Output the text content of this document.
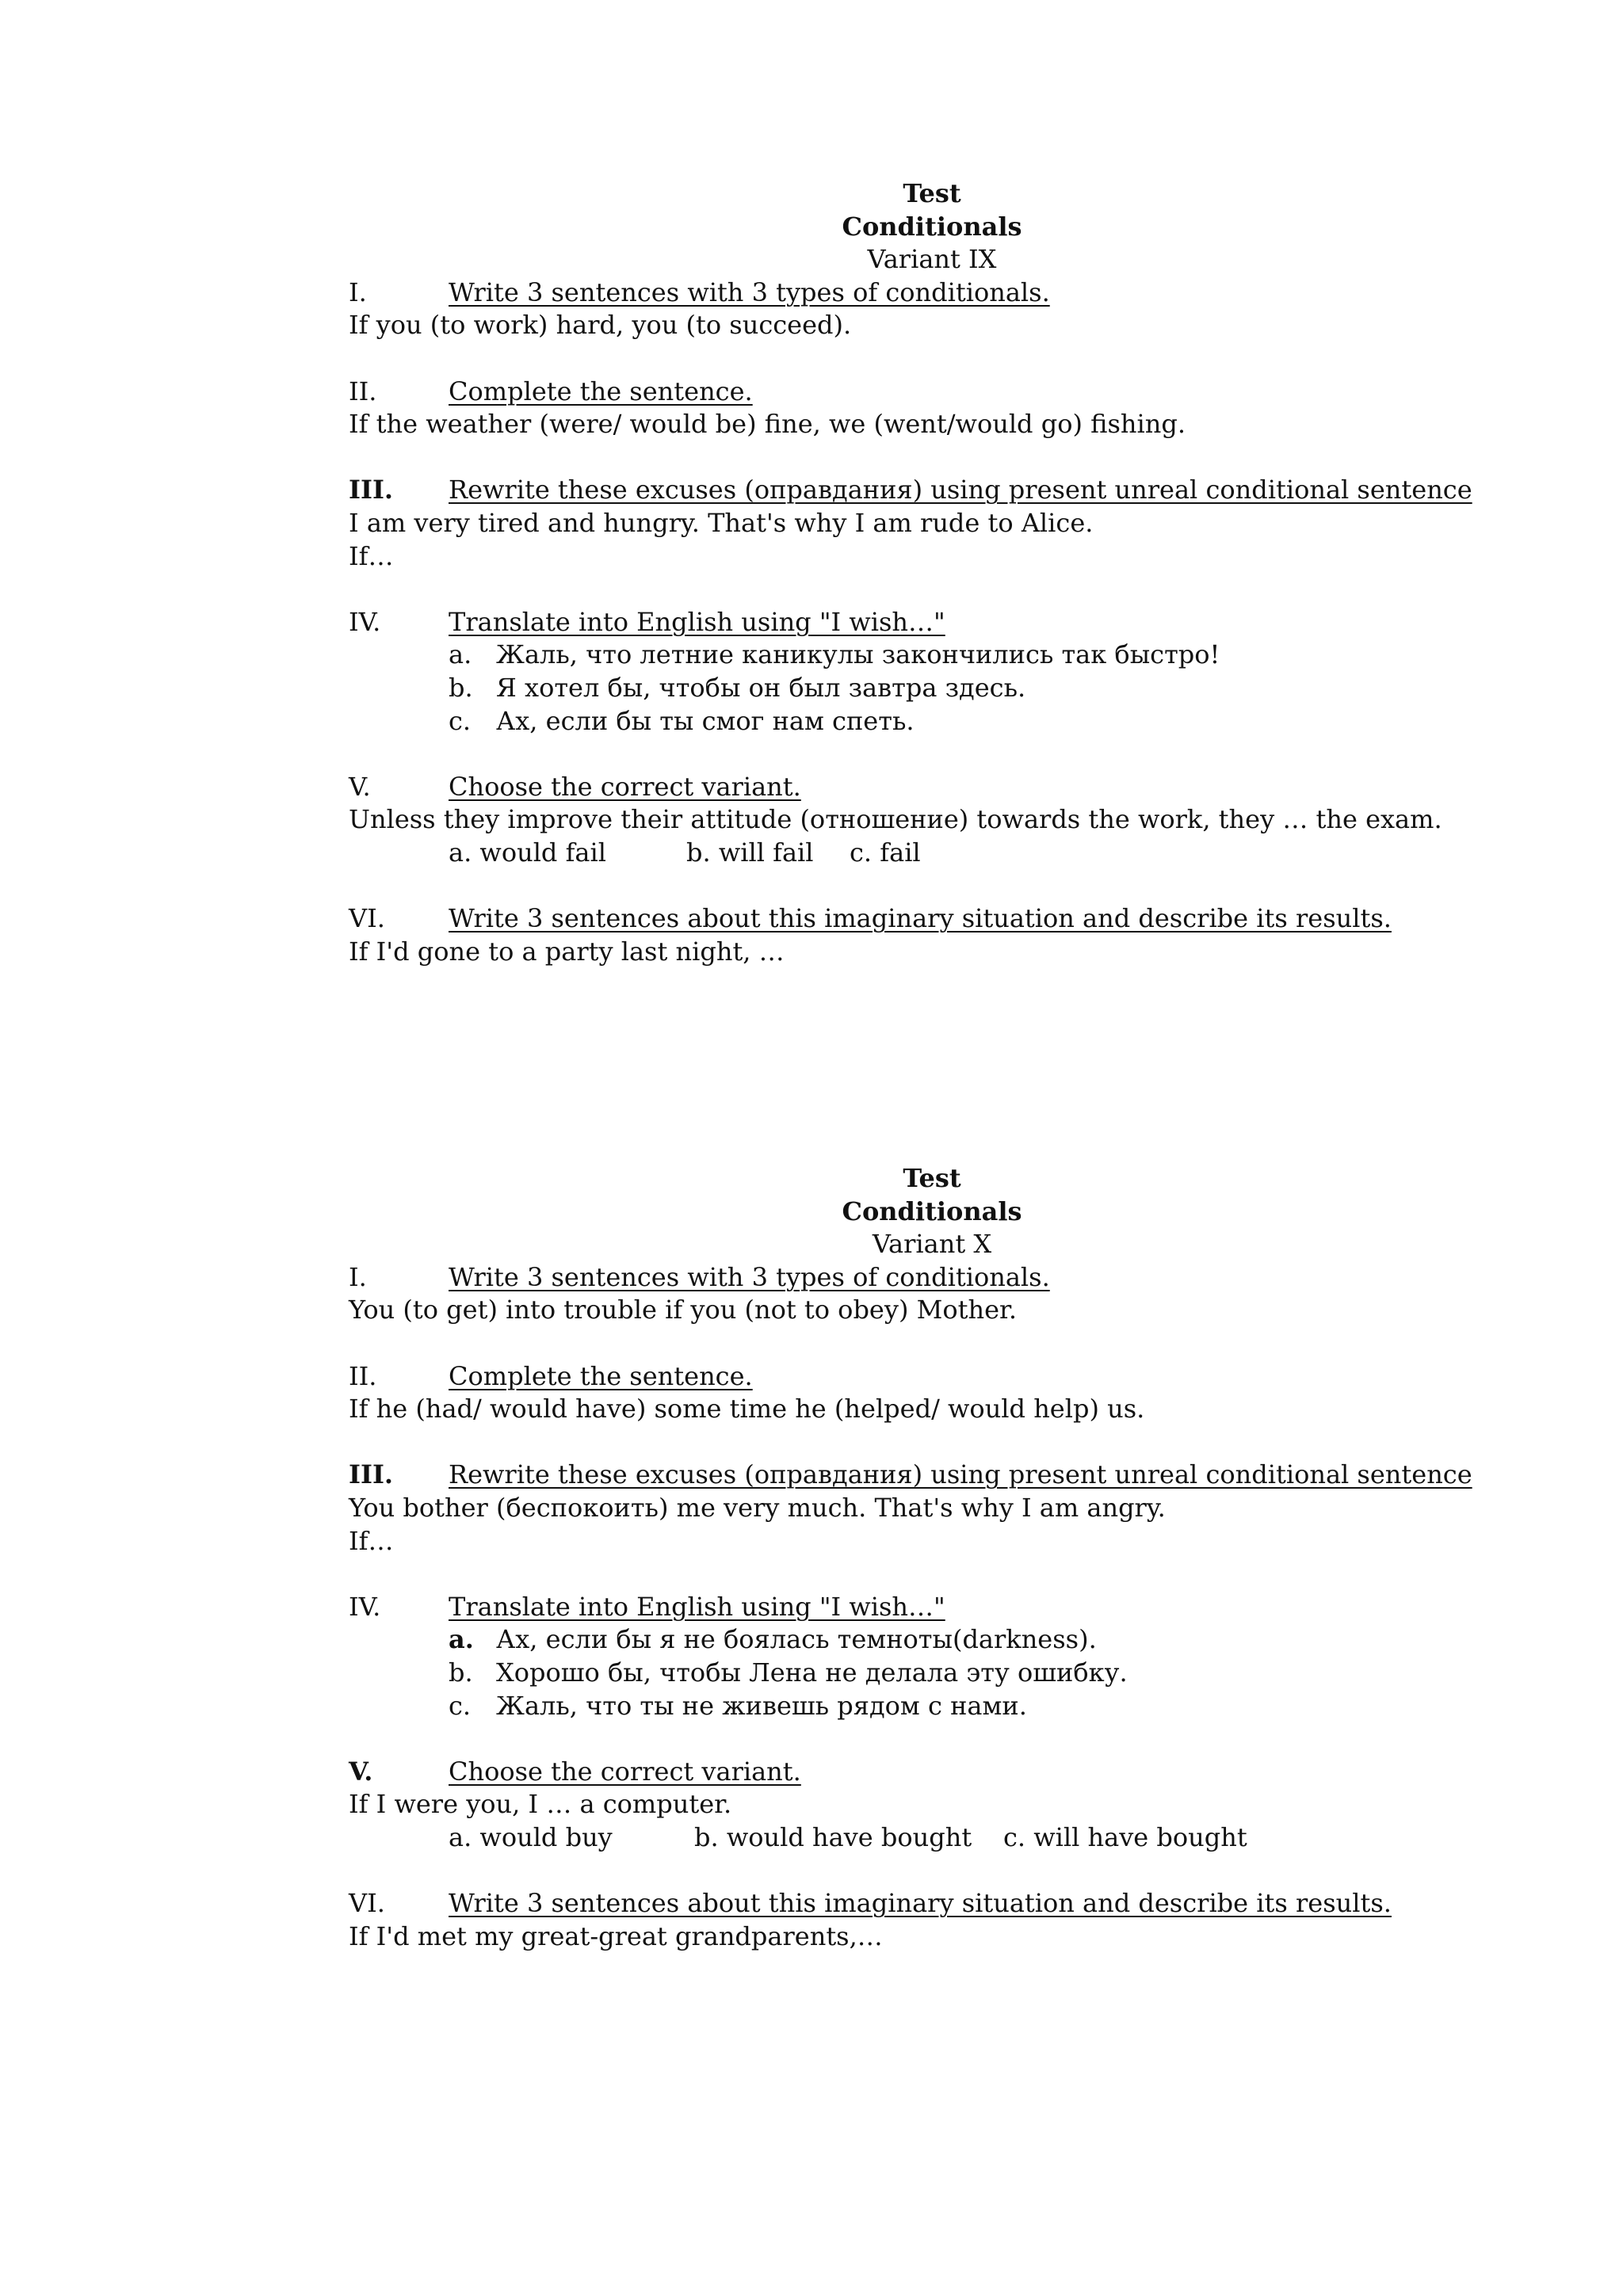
Test
Conditionals
Variant IX
I.	Write 3 sentences with 3 types of conditionals.
If you (to work) hard, you (to succeed).
II.	Complete the sentence.
If the weather (were/ would be) fine, we (went/would go) fishing.
III. Rewrite these excuses (оправдания) using present unreal conditional sentence
I am very tired and hungry. That's why I am rude to Alice.
If…
IV.	Translate into English using "I wish…"
a. Жаль, что летние каникулы закончились так быстро!
b. Я хотел бы, чтобы он был завтра здесь.
c. Ах, если бы ты смог нам спеть.
V.	Choose the correct variant.
Unless they improve their attitude (отношение) towards the work, they … the exam.
a. would fail	b. will fail c. fail
VI.	Write 3 sentences about this imaginary situation and describe its results.
If I'd gone to a party last night, …
Test
Conditionals
Variant X
I.	Write 3 sentences with 3 types of conditionals.
You (to get) into trouble if you (not to obey) Mother.
II.	Complete the sentence.
If he (had/ would have) some time he (helped/ would help) us.
III. Rewrite these excuses (оправдания) using present unreal conditional sentence
You bother (беспокоить) me very much. That's why I am angry.
If…
IV.	Translate into English using "I wish…"
a. Ах, если бы я не боялась темноты(darkness).
b. Хорошо бы, чтобы Лена не делала эту ошибку.
c. Жаль, что ты не живешь рядом с нами.
V.	Choose the correct variant.
If I were you, I … a computer.
a. would buy	b. would have bought c. will have bought
VI.	Write 3 sentences about this imaginary situation and describe its results.
If I'd met my great-great grandparents,…
